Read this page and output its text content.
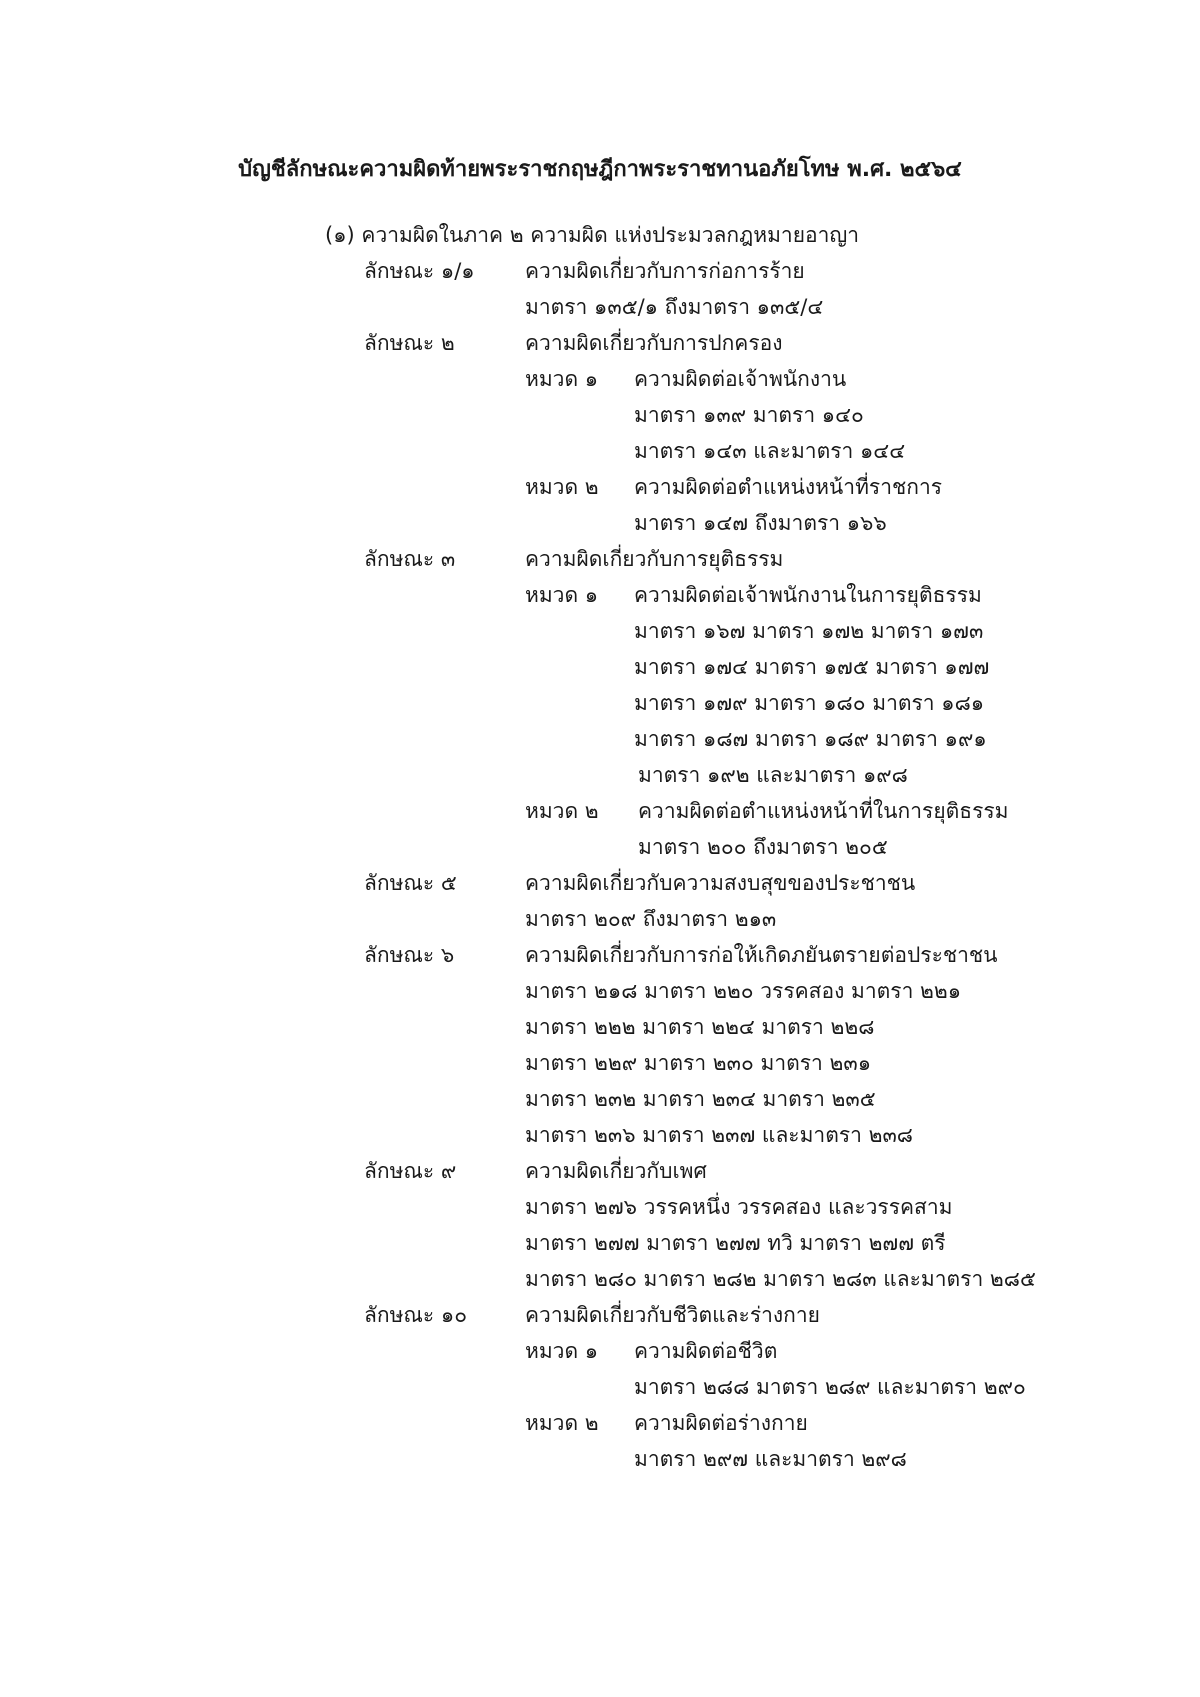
บัญชีลักษณะความผิดท้ายพระราชกฤษฎีกาพระราชทานอภัยโทษ พ.ศ. ๒๕๖๔
(๑) ความผิดในภาค ๒ ความผิด แห่งประมวลกฎหมายอาญา
ลักษณะ ๑/๑ ความผิดเกี่ยวกับการก่อการร้าย
มาตรา ๑๓๕/๑ ถึงมาตรา ๑๓๕/๔
ลักษณะ ๒	ความผิดเกี่ยวกับการปกครอง
หมวด ๑ ความผิดต่อเจ้าพนักงาน
มาตรา ๑๓๙ มาตรา ๑๔๐
มาตรา ๑๔๓ และมาตรา ๑๔๔
หมวด ๒ ความผิดต่อตำแหน่งหน้าที่ราชการ
มาตรา ๑๔๗ ถึงมาตรา ๑๖๖
ลักษณะ ๓	ความผิดเกี่ยวกับการยุติธรรม
หมวด ๑ ความผิดต่อเจ้าพนักงานในการยุติธรรม
มาตรา ๑๖๗ มาตรา ๑๗๒ มาตรา ๑๗๓
มาตรา ๑๗๔ มาตรา ๑๗๕ มาตรา ๑๗๗
มาตรา ๑๗๙ มาตรา ๑๘๐ มาตรา ๑๘๑
มาตรา ๑๘๗ มาตรา ๑๘๙ มาตรา ๑๙๑
มาตรา ๑๙๒ และมาตรา ๑๙๘
หมวด ๒ ความผิดต่อตำแหน่งหน้าที่ในการยุติธรรม
มาตรา ๒๐๐ ถึงมาตรา ๒๐๕
ลักษณะ ๕	ความผิดเกี่ยวกับความสงบสุขของประชาชน
มาตรา ๒๐๙ ถึงมาตรา ๒๑๓
ลักษณะ ๖	ความผิดเกี่ยวกับการก่อให้เกิดภยันตรายต่อประชาชน
มาตรา ๒๑๘ มาตรา ๒๒๐ วรรคสอง มาตรา ๒๒๑
มาตรา ๒๒๒ มาตรา ๒๒๔ มาตรา ๒๒๘
มาตรา ๒๒๙ มาตรา ๒๓๐ มาตรา ๒๓๑
มาตรา ๒๓๒ มาตรา ๒๓๔ มาตรา ๒๓๕
มาตรา ๒๓๖ มาตรา ๒๓๗ และมาตรา ๒๓๘
ลักษณะ ๙	ความผิดเกี่ยวกับเพศ
มาตรา ๒๗๖ วรรคหนึ่ง วรรคสอง และวรรคสาม
มาตรา ๒๗๗ มาตรา ๒๗๗ ทวิ มาตรา ๒๗๗ ตรี
มาตรา ๒๘๐ มาตรา ๒๘๒ มาตรา ๒๘๓ และมาตรา ๒๘๕
ลักษณะ ๑๐	ความผิดเกี่ยวกับชีวิตและร่างกาย
หมวด ๑ ความผิดต่อชีวิต
มาตรา ๒๘๘ มาตรา ๒๘๙ และมาตรา ๒๙๐
หมวด ๒ ความผิดต่อร่างกาย
มาตรา ๒๙๗ และมาตรา ๒๙๘
